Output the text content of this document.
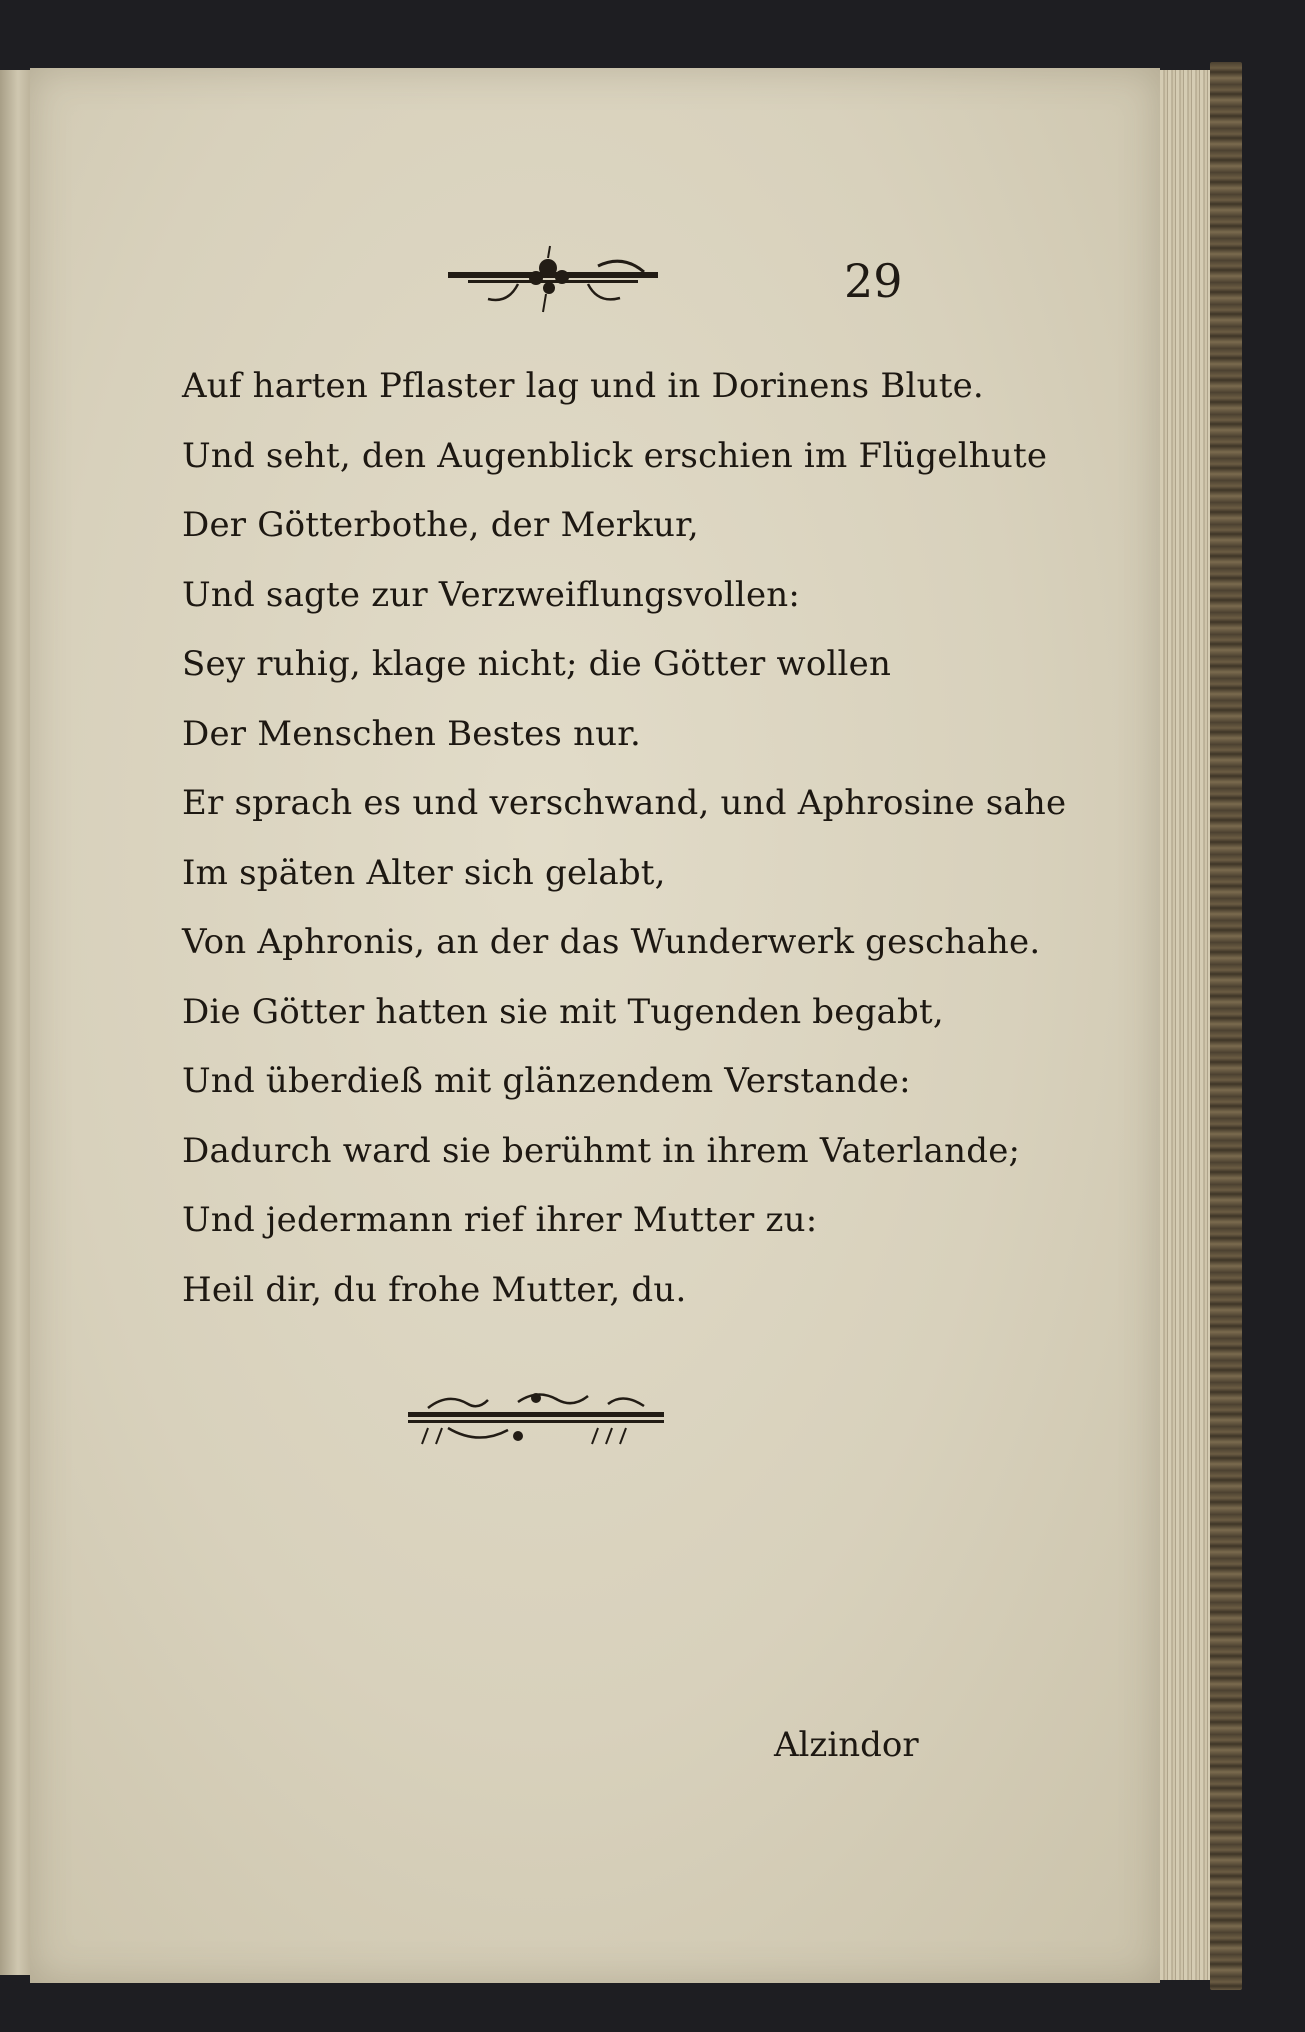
29

Auf harten Pflaster lag und in Dorinens Blute.
Und seht, den Augenblick erschien im Flügelhute
Der Götterbothe, der Merkur,
Und sagte zur Verzweiflungsvollen:
Sey ruhig, klage nicht; die Götter wollen
Der Menschen Bestes nur.
Er sprach es und verschwand, und Aphrosine sahe
Im späten Alter sich gelabt,
Von Aphronis, an der das Wunderwerk geschahe.
Die Götter hatten sie mit Tugenden begabt,
Und überdieß mit glänzendem Verstande:
Dadurch ward sie berühmt in ihrem Vaterlande;
Und jedermann rief ihrer Mutter zu:
Heil dir, du frohe Mutter, du.

Alzindor
